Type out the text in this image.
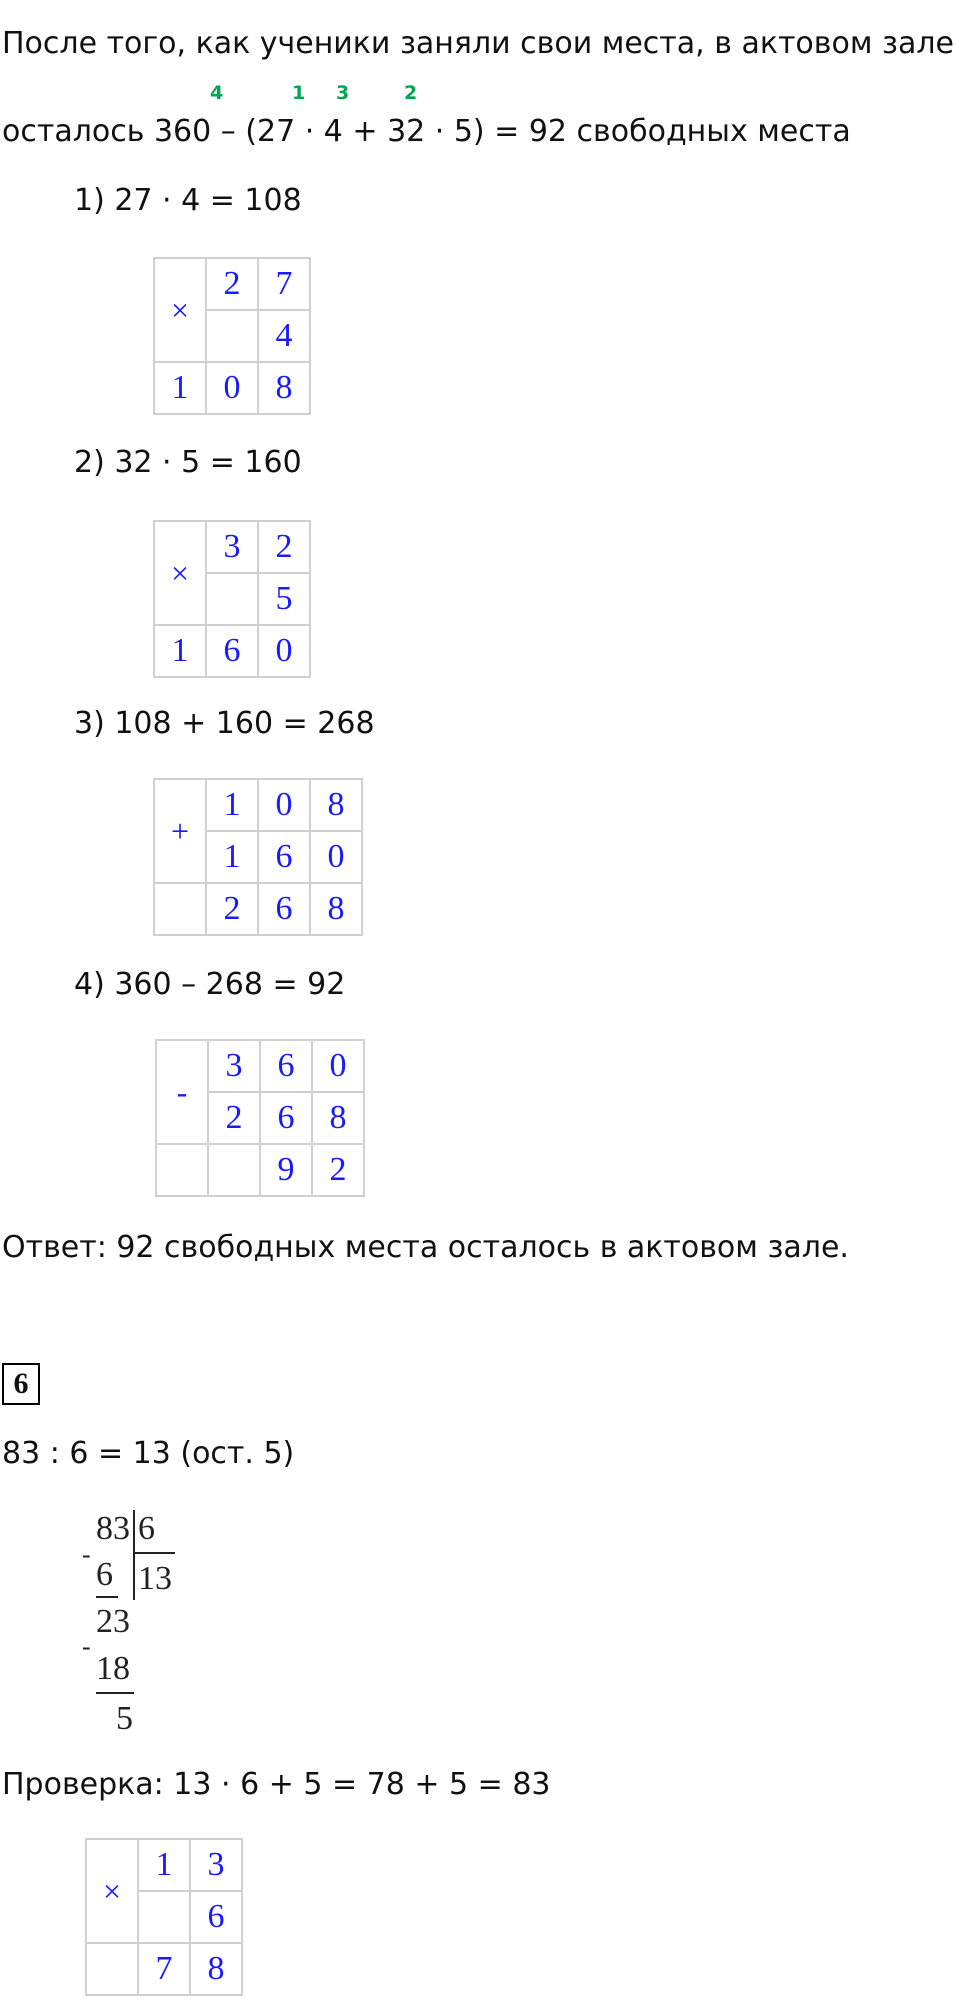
После того, как ученики заняли свои места, в актовом зале
4	1 3	2
осталось 360 – (27 · 4 + 32 · 5) = 92 свободных места
1) 27 · 4 = 108
×	2	7
		4
1	0	8
2) 32 · 5 = 160
×	3	2
		5
1	6	0
3) 108 + 160 = 268
+	1	0	8
	1	6	0
	2	6	8
4) 360 – 268 = 92
-	3	6	0
	2	6	8
		9	2
Ответ: 92 свободных места осталось в актовом зале.
6
83 : 6 = 13 (ост. 5)
83 6
13
-
6
23
-
18
5
Проверка: 13 · 6 + 5 = 78 + 5 = 83
×	1	3
		6
	7	8
